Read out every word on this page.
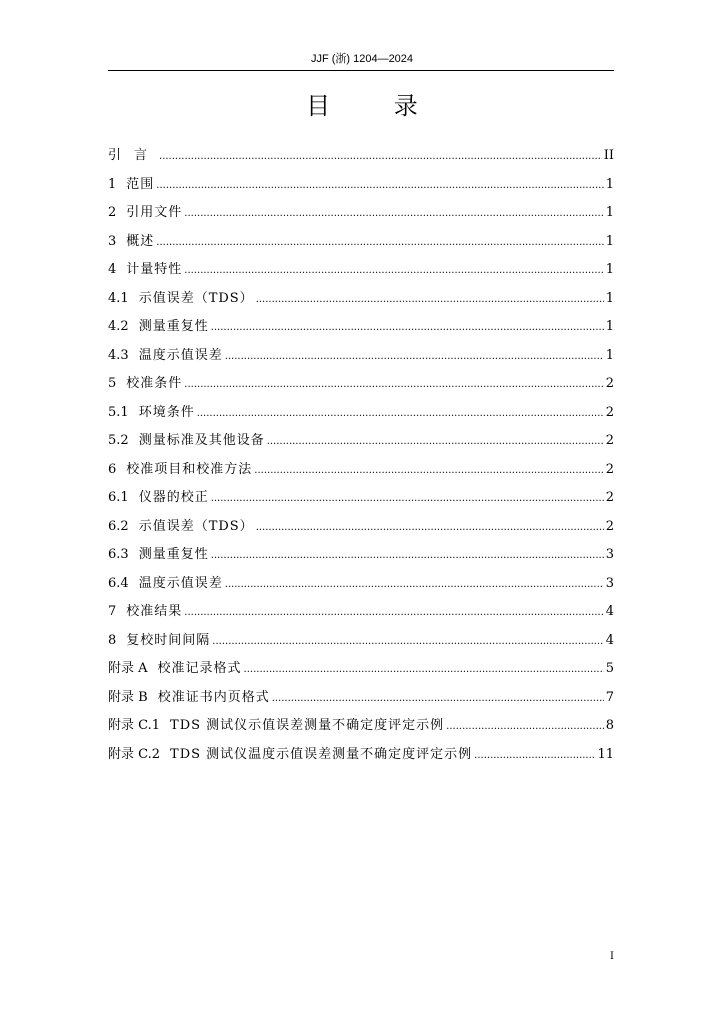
JJF (浙) 1204—2024
目 录
引　言 .....	II
1 范围 .....	1
2 引用文件 .....	1
3 概述 .....	1
4 计量特性 .....	1
4.1 示值误差（TDS） .....	1
4.2 测量重复性 .....	1
4.3 温度示值误差 .....	1
5 校准条件 .....	2
5.1 环境条件 .....	2
5.2 测量标准及其他设备 .....	2
6 校准项目和校准方法 .....	2
6.1 仪器的校正 .....	2
6.2 示值误差（TDS） .....	2
6.3 测量重复性 .....	3
6.4 温度示值误差 .....	3
7 校准结果 .....	4
8 复校时间间隔 .....	4
附录 A 校准记录格式 .....	5
附录 B 校准证书内页格式 .....	7
附录 C.1 TDS 测试仪示值误差测量不确定度评定示例 .....	8
附录 C.2 TDS 测试仪温度示值误差测量不确定度评定示例 .....	11
I
